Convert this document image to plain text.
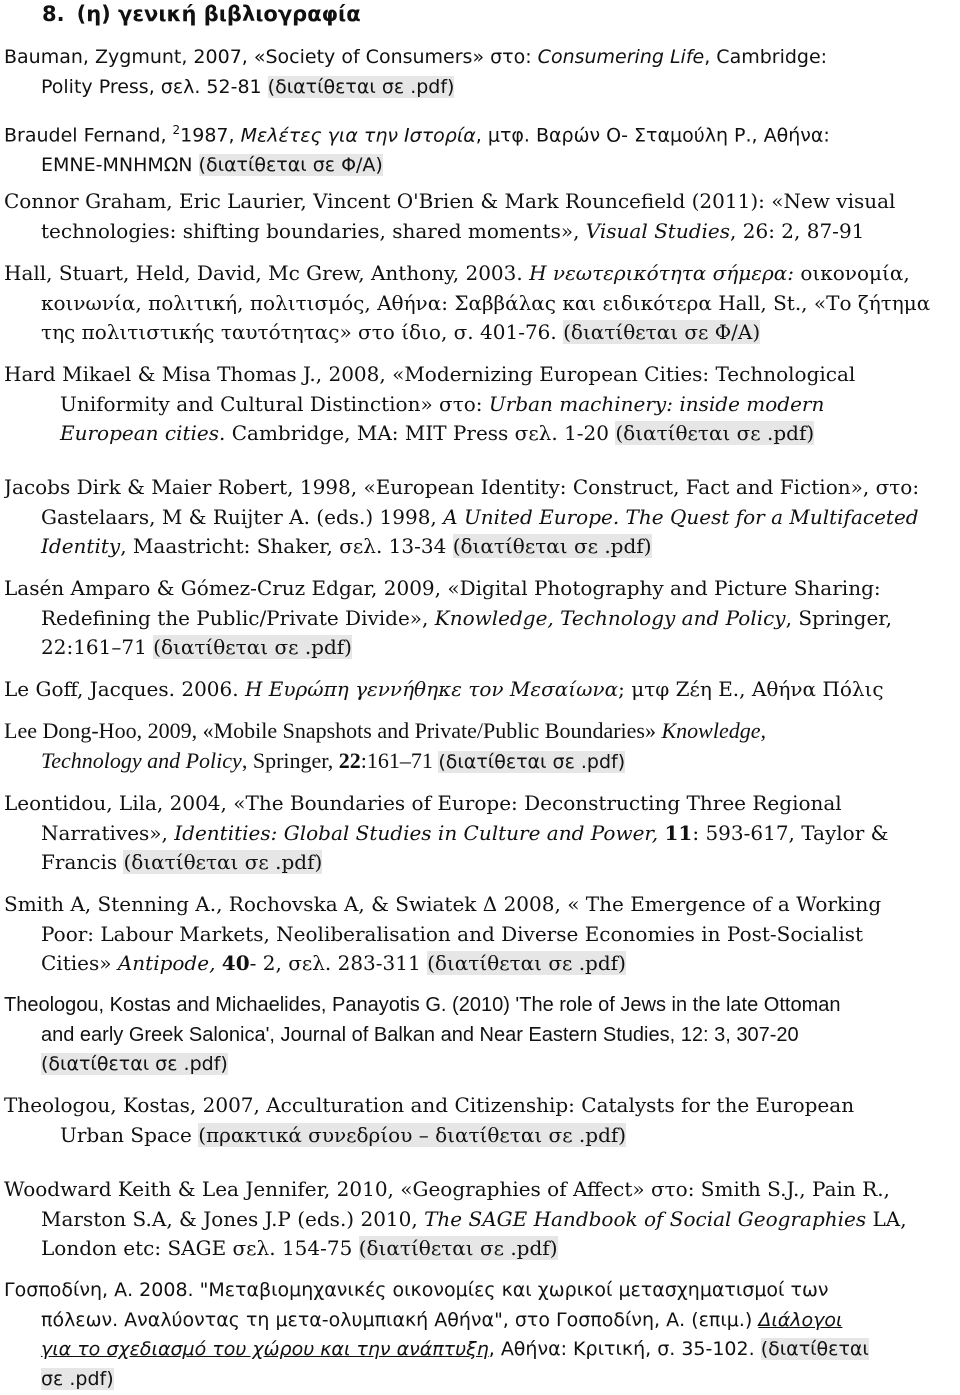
8. (η) γενική βιβλιογραφία
Bauman, Zygmunt, 2007, «Society of Consumers» στο: Consumering Life, Cambridge:
Polity Press, σελ. 52-81 (διατίθεται σε .pdf)
Braudel Fernand, $^2$1987, Μελέτες για την Ιστορία, μτφ. Βαρών Ο- Σταμούλη Ρ., Αθήνα:
ΕΜΝΕ-ΜΝΗΜΩΝ (διατίθεται σε Φ/Α)
Connor Graham, Eric Laurier, Vincent O'Brien & Mark Rouncefield (2011): «New visual
technologies: shifting boundaries, shared moments», Visual Studies, 26: 2, 87-91
Hall, Stuart, Held, David, Mc Grew, Anthony, 2003. Η νεωτερικότητα σήμερα: οικονομία,
κοινωνία, πολιτική, πολιτισμός, Αθήνα: Σαββάλας και ειδικότερα Hall, St., «Το ζήτημα
της πολιτιστικής ταυτότητας» στο ίδιο, σ. 401-76. (διατίθεται σε Φ/Α)
Hard Mikael & Misa Thomas J., 2008, «Modernizing European Cities: Technological
Uniformity and Cultural Distinction» στο: Urban machinery: inside modern
European cities. Cambridge, MA: MIT Press σελ. 1-20 (διατίθεται σε .pdf)
Jacobs Dirk & Maier Robert, 1998, «European Identity: Construct, Fact and Fiction», στο:
Gastelaars, M & Ruijter A. (eds.) 1998, A United Europe. The Quest for a Multifaceted
Identity, Maastricht: Shaker, σελ. 13-34 (διατίθεται σε .pdf)
Lasén Amparo & Gómez-Cruz Edgar, 2009, «Digital Photography and Picture Sharing:
Redefining the Public/Private Divide», Knowledge, Technology and Policy, Springer,
22:161–71 (διατίθεται σε .pdf)
Le Goff, Jacques. 2006. Η Ευρώπη γεννήθηκε τον Μεσαίωνα; μτφ Ζέη Ε., Αθήνα Πόλις
Lee Dong-Hoo, 2009, «Mobile Snapshots and Private/Public Boundaries» Knowledge,
Technology and Policy, Springer, 22:161–71 (διατίθεται σε .pdf)
Leontidou, Lila, 2004, «The Boundaries of Europe: Deconstructing Three Regional
Narratives», Identities: Global Studies in Culture and Power, 11: 593-617, Taylor &
Francis (διατίθεται σε .pdf)
Smith A, Stenning A., Rochovska A, & Swiatek Δ 2008, « The Emergence of a Working
Poor: Labour Markets, Neoliberalisation and Diverse Economies in Post-Socialist
Cities» Antipode, 40- 2, σελ. 283-311 (διατίθεται σε .pdf)
Theologou, Kostas and Michaelides, Panayotis G. (2010) 'The role of Jews in the late Ottoman
and early Greek Salonica', Journal of Balkan and Near Eastern Studies, 12: 3, 307-20
(διατίθεται σε .pdf)
Theologou, Kostas, 2007, Acculturation and Citizenship: Catalysts for the European
Urban Space (πρακτικά συνεδρίου – διατίθεται σε .pdf)
Woodward Keith & Lea Jennifer, 2010, «Geographies of Affect» στο: Smith S.J., Pain R.,
Marston S.A, & Jones J.P (eds.) 2010, The SAGE Handbook of Social Geographies LA,
London etc: SAGE σελ. 154-75 (διατίθεται σε .pdf)
Γοσποδίνη, Α. 2008. "Μεταβιομηχανικές οικονομίες και χωρικοί μετασχηματισμοί των
πόλεων. Αναλύοντας τη μετα-ολυμπιακή Αθήνα", στο Γοσποδίνη, Α. (επιμ.) Διάλογοι
για το σχεδιασμό του χώρου και την ανάπτυξη, Αθήνα: Κριτική, σ. 35-102. (διατίθεται
σε .pdf)
